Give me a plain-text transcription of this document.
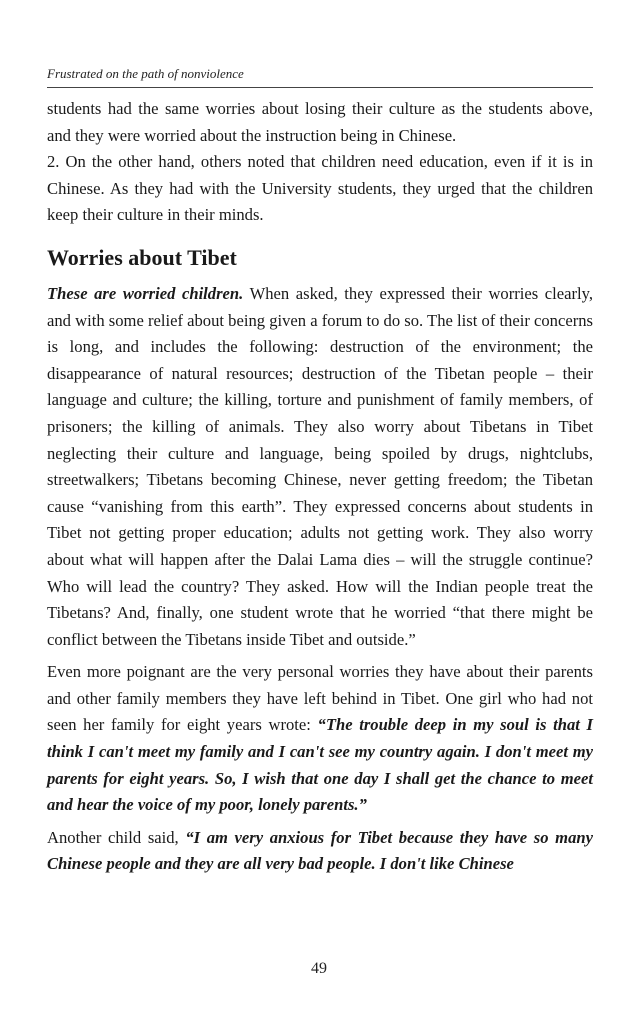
Frustrated on the path of nonviolence

students had the same worries about losing their culture as the students above, and they were worried about the instruction being in Chinese.

2. On the other hand, others noted that children need education, even if it is in Chinese. As they had with the University students, they urged that the children keep their culture in their minds.

Worries about Tibet

These are worried children. When asked, they expressed their worries clearly, and with some relief about being given a forum to do so. The list of their concerns is long, and includes the following: destruction of the environment; the disappearance of natural resources; destruction of the Tibetan people – their language and culture; the killing, torture and punishment of family members, of prisoners; the killing of animals. They also worry about Tibetans in Tibet neglecting their culture and language, being spoiled by drugs, nightclubs, streetwalkers; Tibetans becoming Chinese, never getting freedom; the Tibetan cause “vanishing from this earth”. They expressed concerns about students in Tibet not getting proper education; adults not getting work. They also worry about what will happen after the Dalai Lama dies – will the struggle continue? Who will lead the country? They asked. How will the Indian people treat the Tibetans? And, finally, one student wrote that he worried “that there might be conflict between the Tibetans inside Tibet and outside.”

Even more poignant are the very personal worries they have about their parents and other family members they have left behind in Tibet. One girl who had not seen her family for eight years wrote: “The trouble deep in my soul is that I think I can't meet my family and I can't see my country again. I don't meet my parents for eight years. So, I wish that one day I shall get the chance to meet and hear the voice of my poor, lonely parents.”

Another child said, “I am very anxious for Tibet because they have so many Chinese people and they are all very bad people. I don't like Chinese

49
